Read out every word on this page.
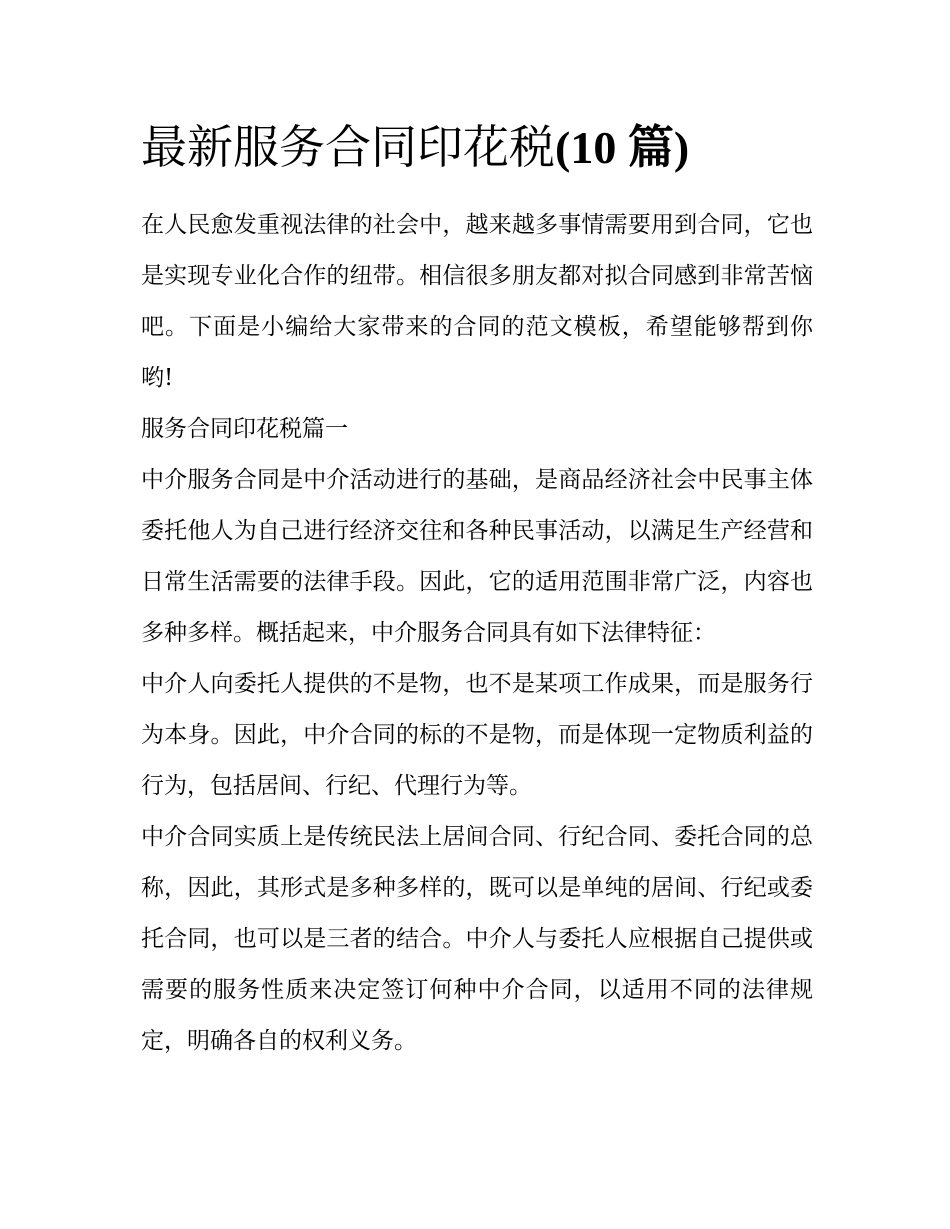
最新服务合同印花税(10 篇)

在人民愈发重视法律的社会中，越来越多事情需要用到合同，它也是实现专业化合作的纽带。相信很多朋友都对拟合同感到非常苦恼吧。下面是小编给大家带来的合同的范文模板，希望能够帮到你哟!

服务合同印花税篇一

中介服务合同是中介活动进行的基础，是商品经济社会中民事主体委托他人为自己进行经济交往和各种民事活动，以满足生产经营和日常生活需要的法律手段。因此，它的适用范围非常广泛，内容也多种多样。概括起来，中介服务合同具有如下法律特征：

中介人向委托人提供的不是物，也不是某项工作成果，而是服务行为本身。因此，中介合同的标的不是物，而是体现一定物质利益的行为，包括居间、行纪、代理行为等。

中介合同实质上是传统民法上居间合同、行纪合同、委托合同的总称，因此，其形式是多种多样的，既可以是单纯的居间、行纪或委托合同，也可以是三者的结合。中介人与委托人应根据自己提供或需要的服务性质来决定签订何种中介合同，以适用不同的法律规定，明确各自的权利义务。
